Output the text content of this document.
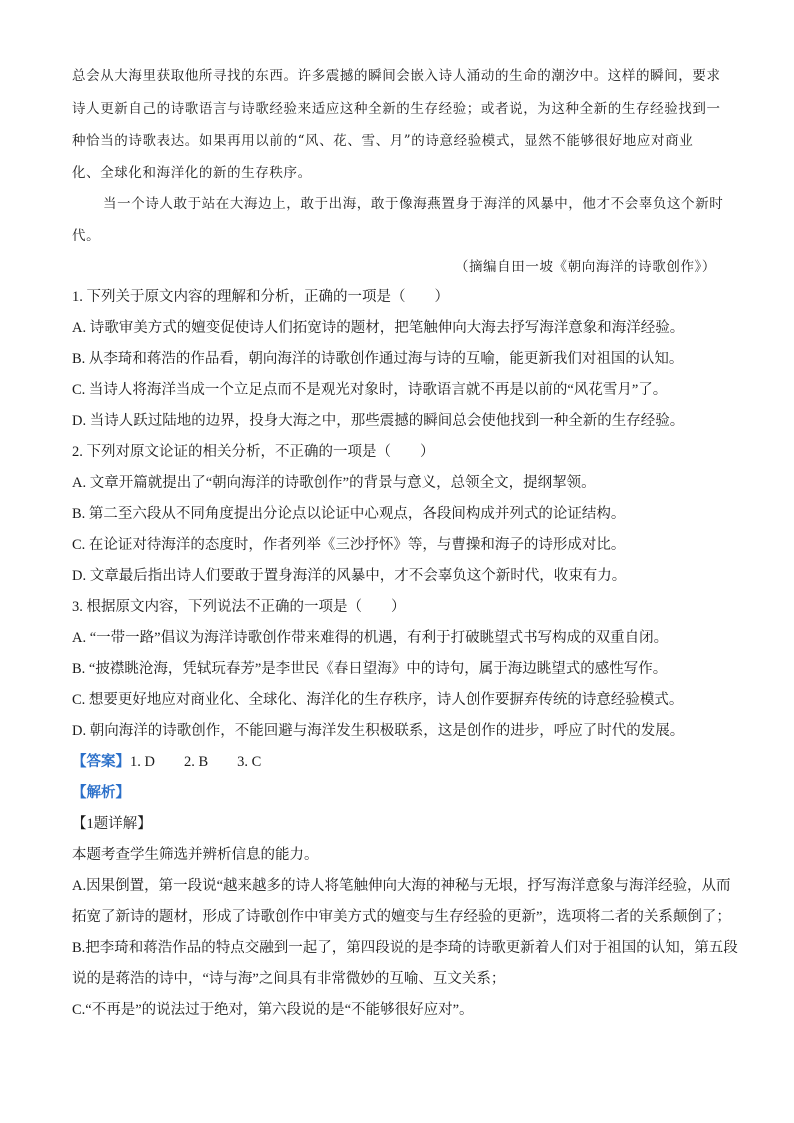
总会从大海里获取他所寻找的东西。许多震撼的瞬间会嵌入诗人涌动的生命的潮汐中。这样的瞬间，要求
诗人更新自己的诗歌语言与诗歌经验来适应这种全新的生存经验；或者说，为这种全新的生存经验找到一
种恰当的诗歌表达。如果再用以前的“风、花、雪、月”的诗意经验模式，显然不能够很好地应对商业
化、全球化和海洋化的新的生存秩序。
当一个诗人敢于站在大海边上，敢于出海，敢于像海燕置身于海洋的风暴中，他才不会辜负这个新时
代。
（摘编自田一坡《朝向海洋的诗歌创作》）
1. 下列关于原文内容的理解和分析，正确的一项是（　　）
A. 诗歌审美方式的嬗变促使诗人们拓宽诗的题材，把笔触伸向大海去抒写海洋意象和海洋经验。
B. 从李琦和蒋浩的作品看，朝向海洋的诗歌创作通过海与诗的互喻，能更新我们对祖国的认知。
C. 当诗人将海洋当成一个立足点而不是观光对象时，诗歌语言就不再是以前的“风花雪月”了。
D. 当诗人跃过陆地的边界，投身大海之中，那些震撼的瞬间总会使他找到一种全新的生存经验。
2. 下列对原文论证的相关分析，不正确的一项是（　　）
A. 文章开篇就提出了“朝向海洋的诗歌创作”的背景与意义，总领全文，提纲挈领。
B. 第二至六段从不同角度提出分论点以论证中心观点，各段间构成并列式的论证结构。
C. 在论证对待海洋的态度时，作者列举《三沙抒怀》等，与曹操和海子的诗形成对比。
D. 文章最后指出诗人们要敢于置身海洋的风暴中，才不会辜负这个新时代，收束有力。
3. 根据原文内容，下列说法不正确的一项是（　　）
A. “一带一路”倡议为海洋诗歌创作带来难得的机遇，有利于打破眺望式书写构成的双重自闭。
B. “披襟眺沧海，凭轼玩春芳”是李世民《春日望海》中的诗句，属于海边眺望式的感性写作。
C. 想要更好地应对商业化、全球化、海洋化的生存秩序，诗人创作要摒弃传统的诗意经验模式。
D. 朝向海洋的诗歌创作，不能回避与海洋发生积极联系，这是创作的进步，呼应了时代的发展。
【答案】1. D　　2. B　　3. C
【解析】
【1题详解】
本题考查学生筛选并辨析信息的能力。
A.因果倒置，第一段说“越来越多的诗人将笔触伸向大海的神秘与无垠，抒写海洋意象与海洋经验，从而
拓宽了新诗的题材，形成了诗歌创作中审美方式的嬗变与生存经验的更新”，选项将二者的关系颠倒了；
B.把李琦和蒋浩作品的特点交融到一起了，第四段说的是李琦的诗歌更新着人们对于祖国的认知，第五段
说的是蒋浩的诗中，“诗与海”之间具有非常微妙的互喻、互文关系；
C.“不再是”的说法过于绝对，第六段说的是“不能够很好应对”。
